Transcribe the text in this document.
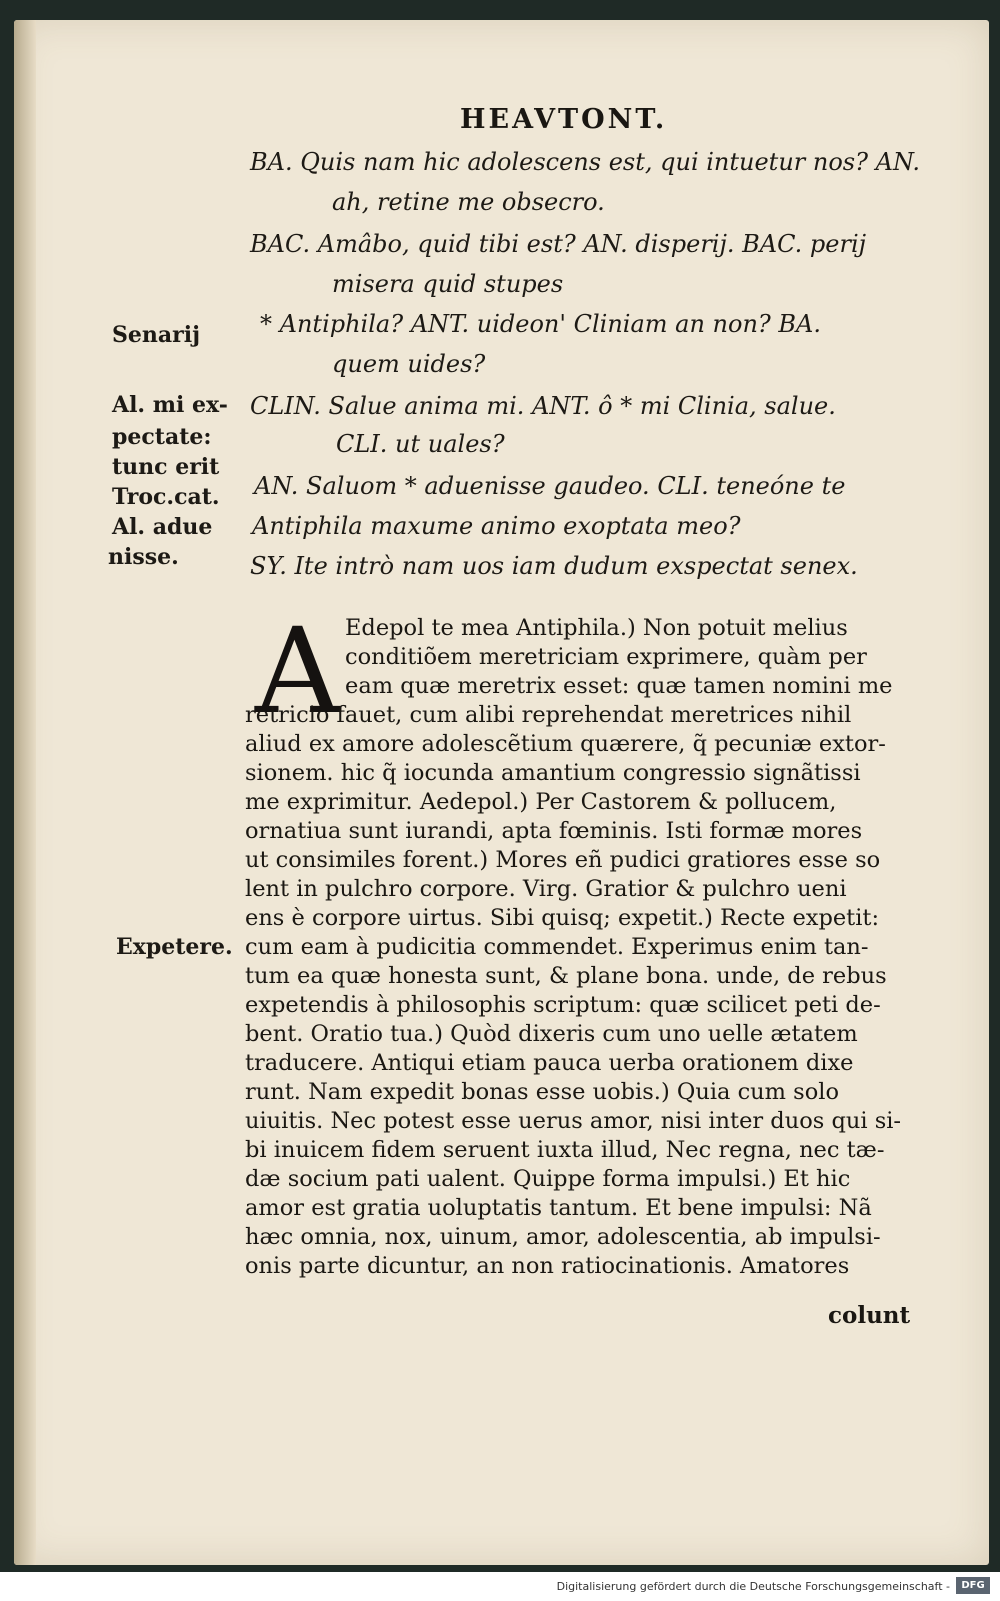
HEAVTONT.
BA. Quis nam hic adolescens est, qui intuetur nos? AN.
ah, retine me obsecro.
BAC. Amâbo, quid tibi est? AN. disperij. BAC. perij
misera quid stupes
* Antiphila? ANT. uideon' Cliniam an non? BA.
quem uides?
CLIN. Salue anima mi. ANT. ô * mi Clinia, salue.
CLI. ut uales?
AN. Saluom * aduenisse gaudeo. CLI. teneóne te
Antiphila maxume animo exoptata meo?
SY. Ite intrò nam uos iam dudum exspectat senex.
Senarij
Al. mi ex-
pectate:
tunc erit
Troc.cat.
Al. adue
nisse.
Expetere.
A Edepol te mea Antiphila.) Non potuit melius
conditiõem meretriciam exprimere, quàm per
eam quæ meretrix esset: quæ tamen nomini me
retricio fauet, cum alibi reprehendat meretrices nihil
aliud ex amore adolescẽtium quærere, q̃ pecuniæ extor-
sionem. hic q̃ iocunda amantium congressio signãtissi
me exprimitur. Aedepol.) Per Castorem & pollucem,
ornatiua sunt iurandi, apta fœminis. Isti formæ mores
ut consimiles forent.) Mores eñ pudici gratiores esse so
lent in pulchro corpore. Virg. Gratior & pulchro ueni
ens è corpore uirtus. Sibi quisq; expetit.) Recte expetit:
cum eam à pudicitia commendet. Experimus enim tan-
tum ea quæ honesta sunt, & plane bona. unde, de rebus
expetendis à philosophis scriptum: quæ scilicet peti de-
bent. Oratio tua.) Quòd dixeris cum uno uelle ætatem
traducere. Antiqui etiam pauca uerba orationem dixe
runt. Nam expedit bonas esse uobis.) Quia cum solo
uiuitis. Nec potest esse uerus amor, nisi inter duos qui si-
bi inuicem fidem seruent iuxta illud, Nec regna, nec tæ-
dæ socium pati ualent. Quippe forma impulsi.) Et hic
amor est gratia uoluptatis tantum. Et bene impulsi: Nã
hæc omnia, nox, uinum, amor, adolescentia, ab impulsi-
onis parte dicuntur, an non ratiocinationis. Amatores
colunt
Digitalisierung gefördert durch die Deutsche Forschungsgemeinschaft -	DFG
